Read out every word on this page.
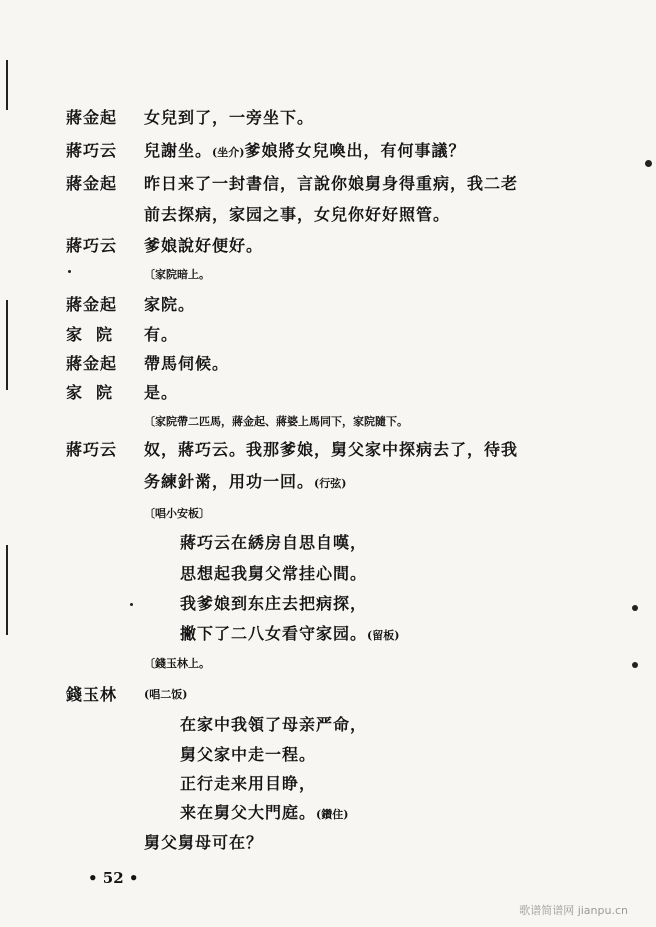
蔣金起 女兒到了，一旁坐下。
蔣巧云 兒謝坐。(坐介)爹娘將女兒喚出，有何事議？
蔣金起 昨日来了一封書信，言說你娘舅身得重病，我二老
前去探病，家园之事，女兒你好好照管。
蔣巧云 爹娘說好便好。
〔家院暗上。
蔣金起 家院。
家院 有。
蔣金起 帶馬伺候。
家院 是。
〔家院帶二匹馬，蔣金起、蔣婆上馬同下，家院隨下。
蔣巧云 奴，蔣巧云。我那爹娘，舅父家中探病去了，待我
务練針黹，用功一回。(行弦)
〔唱小安板〕
蔣巧云在綉房自思自嘆，
思想起我舅父常挂心間。
我爹娘到东庄去把病探，
撇下了二八女看守家园。(留板)
〔錢玉林上。
錢玉林 (唱二饭)
在家中我領了母亲严命，
舅父家中走一程。
正行走来用目睁，
来在舅父大門庭。(鑽住)
舅父舅母可在？
• 52 •
歌谱简谱网 jianpu.cn
